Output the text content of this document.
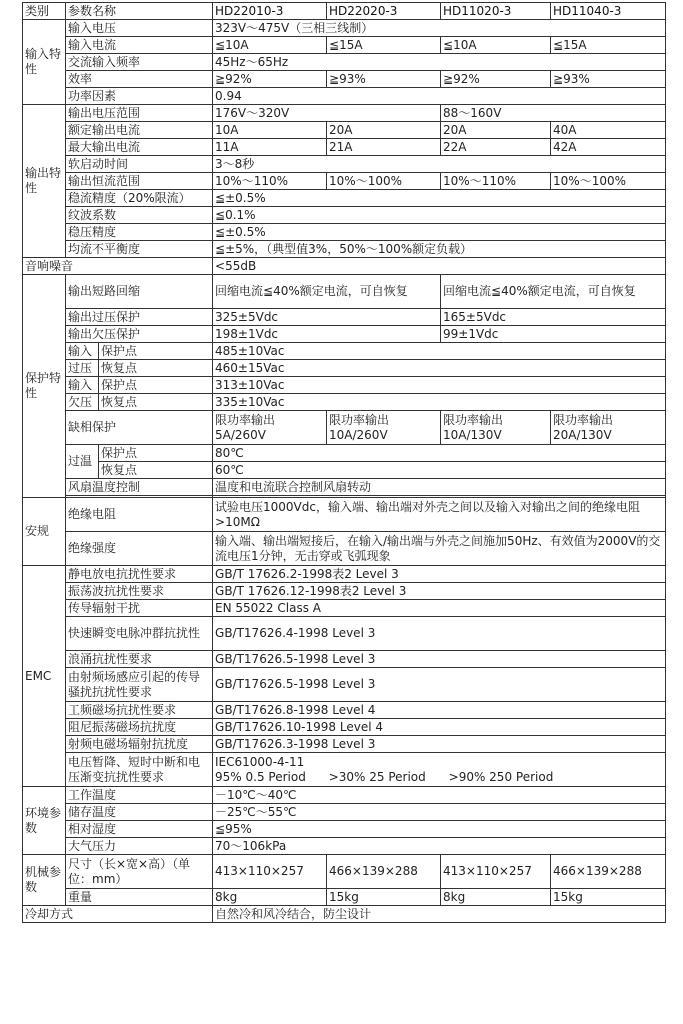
类别	参数名称		HD22010-3	HD22020-3	HD11020-3	HD11040-3
输入特性	输入电压		323V～475V（三相三线制）			
	输入电流		≦10A	≦15A	≦10A	≦15A
	交流输入频率		45Hz～65Hz			
	效率		≧92%	≧93%	≧92%	≧93%
	功率因素		0.94			
输出特性	输出电压范围		176V～320V		88～160V	
	额定输出电流		10A	20A	20A	40A
	最大输出电流		11A	21A	22A	42A
	软启动时间		3～8秒			
	输出恒流范围		10%～110%	10%～100%	10%～110%	10%～100%
	稳流精度（20%限流）		≦±0.5%			
	纹波系数		≦0.1%			
	稳压精度		≦±0.5%			
	均流不平衡度		≦±5%，（典型值3%，50%～100%额定负载）			
音响噪音			<55dB			
保护特性	输出短路回缩		回缩电流≦40%额定电流，可自恢复		回缩电流≦40%额定电流，可自恢复	
	输出过压保护		325±5Vdc		165±5Vdc	
	输出欠压保护		198±1Vdc		99±1Vdc	
	输入	保护点	485±10Vac			
	过压	恢复点	460±15Vac			
	输入	保护点	313±10Vac			
	欠压	恢复点	335±10Vac			
	缺相保护		限功率输出 5A/260V	限功率输出 10A/260V	限功率输出 10A/130V	限功率输出 20A/130V
	过温	保护点	80℃			
		恢复点	60℃			
	风扇温度控制		温度和电流联合控制风扇转动			

安规	绝缘电阻		试验电压1000Vdc，输入端、输出端对外壳之间以及输入对输出之间的绝缘电阻>10MΩ			
	绝缘强度		输入端、输出端短接后，在输入/输出端与外壳之间施加50Hz、有效值为2000V的交流电压1分钟，无击穿或飞弧现象			
EMC	静电放电抗扰性要求		GB/T 17626.2-1998表2 Level 3			
	振荡波抗扰性要求		GB/T 17626.12-1998表2 Level 3			
	传导辐射干扰		EN 55022 Class A			
	快速瞬变电脉冲群抗扰性		GB/T17626.4-1998 Level 3			
	浪涌抗扰性要求		GB/T17626.5-1998 Level 3			
	由射频场感应引起的传导骚扰抗扰性要求		GB/T17626.5-1998 Level 3			
	工频磁场抗扰性要求		GB/T17626.8-1998 Level 4			
	阻尼振荡磁场抗扰度		GB/T17626.10-1998 Level 4			
	射频电磁场辐射抗扰度		GB/T17626.3-1998 Level 3			
	电压暂降、短时中断和电压渐变抗扰性要求		IEC61000-4-11
95% 0.5 Period      >30% 25 Period      >90% 250 Period			

环境参数	工作温度		－10℃～40℃			
	储存温度		－25℃～55℃			
	相对湿度		≦95%			
	大气压力		70～106kPa			
机械参数	尺寸（长×宽×高）（单位：mm）		413×110×257	466×139×288	413×110×257	466×139×288
	重量		8kg	15kg	8kg	15kg
冷却方式			自然冷和风冷结合，防尘设计			
